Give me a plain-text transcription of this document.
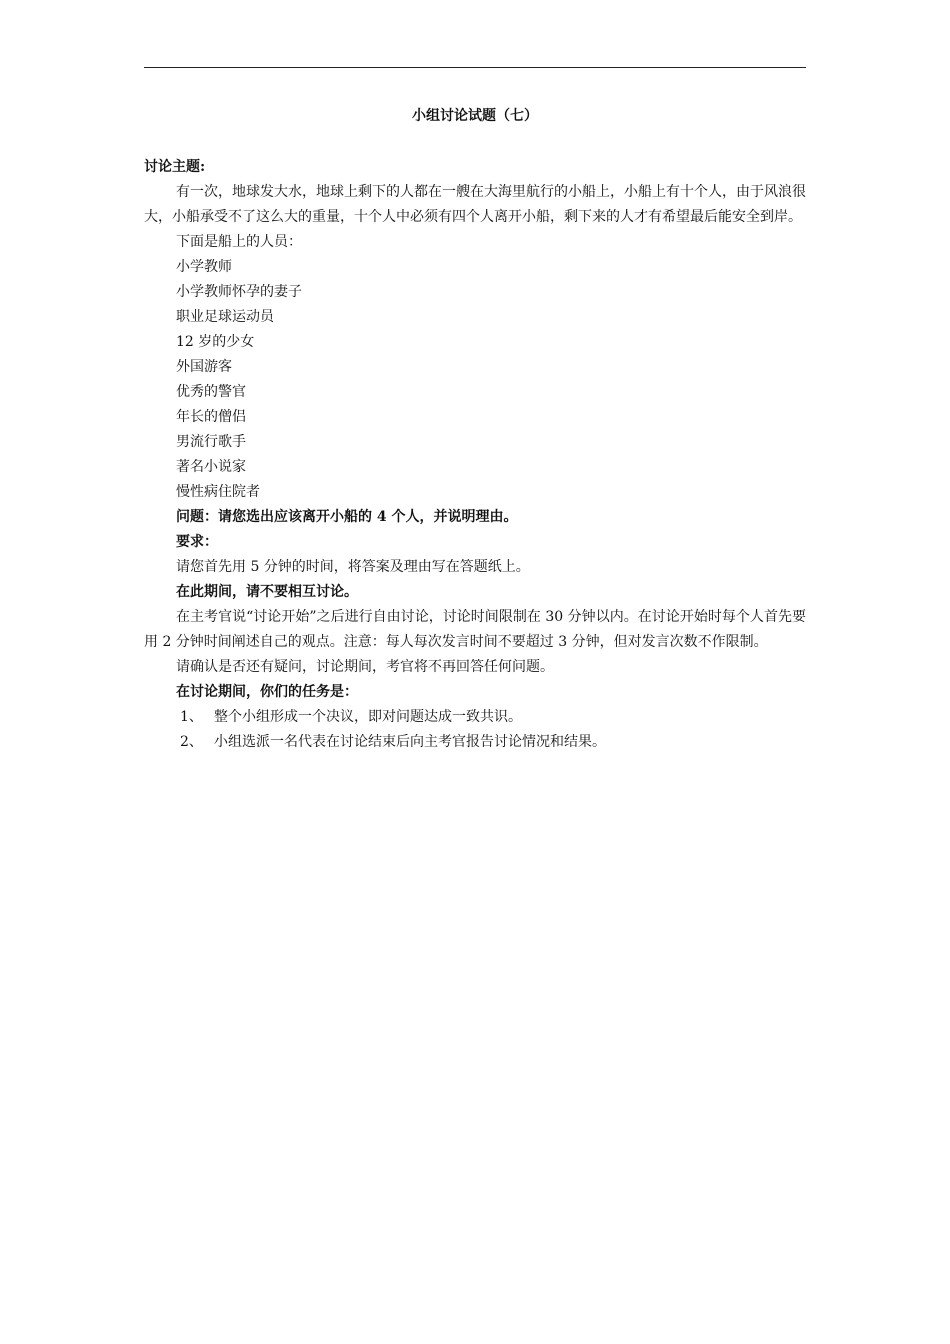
小组讨论试题（七）

讨论主题:

有一次，地球发大水，地球上剩下的人都在一艘在大海里航行的小船上，小船上有十个人，由于风浪很大，小船承受不了这么大的重量，十个人中必须有四个人离开小船，剩下来的人才有希望最后能安全到岸。

下面是船上的人员：

小学教师

小学教师怀孕的妻子

职业足球运动员

12 岁的少女

外国游客

优秀的警官

年长的僧侣

男流行歌手

著名小说家

慢性病住院者

问题：请您选出应该离开小船的 4 个人，并说明理由。

要求：

请您首先用 5 分钟的时间，将答案及理由写在答题纸上。

在此期间，请不要相互讨论。

在主考官说“讨论开始”之后进行自由讨论，讨论时间限制在 30 分钟以内。在讨论开始时每个人首先要用 2 分钟时间阐述自己的观点。注意：每人每次发言时间不要超过 3 分钟，但对发言次数不作限制。

请确认是否还有疑问，讨论期间，考官将不再回答任何问题。

在讨论期间，你们的任务是：

1、 整个小组形成一个决议，即对问题达成一致共识。

2、 小组选派一名代表在讨论结束后向主考官报告讨论情况和结果。
